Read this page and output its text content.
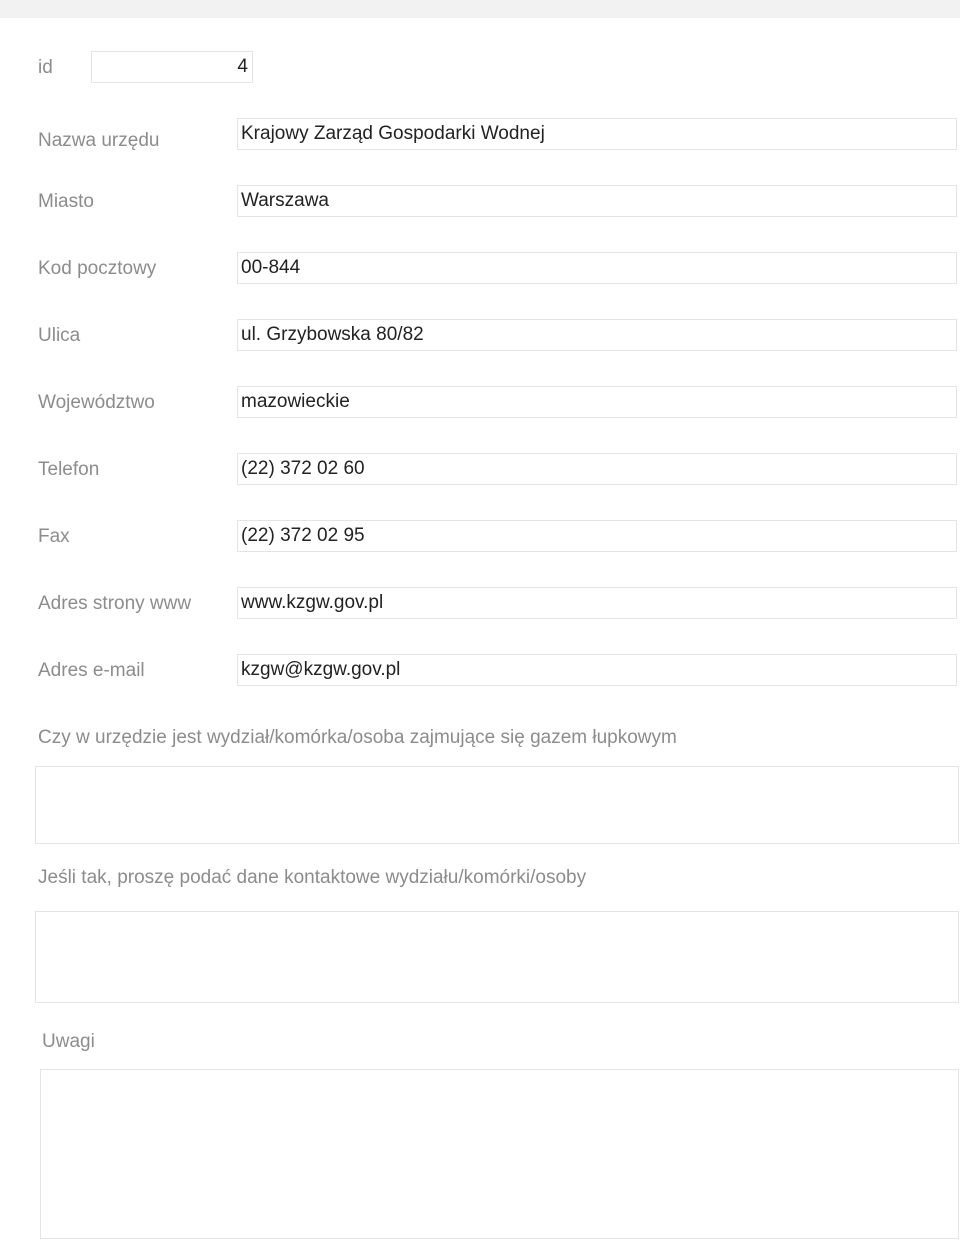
id	4
Nazwa urzędu	Krajowy Zarząd Gospodarki Wodnej
Miasto	Warszawa
Kod pocztowy	00-844
Ulica	ul. Grzybowska 80/82
Województwo	mazowieckie
Telefon	(22) 372 02 60
Fax	(22) 372 02 95
Adres strony www	www.kzgw.gov.pl
Adres e-mail	kzgw@kzgw.gov.pl
Czy w urzędzie jest wydział/komórka/osoba zajmujące się gazem łupkowym
Jeśli tak, proszę podać dane kontaktowe wydziału/komórki/osoby
Uwagi
